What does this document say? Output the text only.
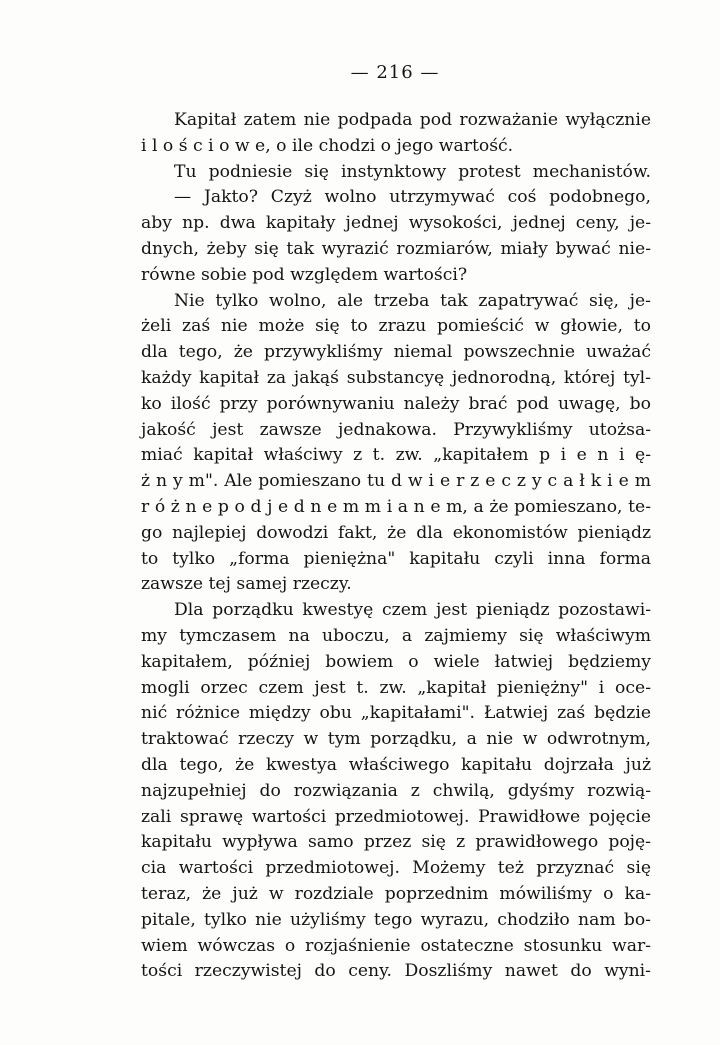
— 216 —
Kapitał zatem nie podpada pod rozważanie wyłącznie
i l o ś c i o w e, o ile chodzi o jego wartość.
Tu podniesie się instynktowy protest mechanistów.
— Jakto? Czyż wolno utrzymywać coś podobnego,
aby np. dwa kapitały jednej wysokości, jednej ceny, je-
dnych, żeby się tak wyrazić rozmiarów, miały bywać nie-
równe sobie pod względem wartości?
Nie tylko wolno, ale trzeba tak zapatrywać się, je-
żeli zaś nie może się to zrazu pomieścić w głowie, to
dla tego, że przywykliśmy niemal powszechnie uważać
każdy kapitał za jakąś substancyę jednorodną, której tyl-
ko ilość przy porównywaniu należy brać pod uwagę, bo
jakość jest zawsze jednakowa. Przywykliśmy utożsa-
miać kapitał właściwy z t. zw. „kapitałem p i e n i ę-
ż n y m". Ale pomieszano tu d w i e r z e c z y c a ł k i e m
r ó ż n e p o d j e d n e m m i a n e m, a że pomieszano, te-
go najlepiej dowodzi fakt, że dla ekonomistów pieniądz
to tylko „forma pieniężna" kapitału czyli inna forma
zawsze tej samej rzeczy.
Dla porządku kwestyę czem jest pieniądz pozostawi-
my tymczasem na uboczu, a zajmiemy się właściwym
kapitałem, później bowiem o wiele łatwiej będziemy
mogli orzec czem jest t. zw. „kapitał pieniężny" i oce-
nić różnice między obu „kapitałami". Łatwiej zaś będzie
traktować rzeczy w tym porządku, a nie w odwrotnym,
dla tego, że kwestya właściwego kapitału dojrzała już
najzupełniej do rozwiązania z chwilą, gdyśmy rozwią-
zali sprawę wartości przedmiotowej. Prawidłowe pojęcie
kapitału wypływa samo przez się z prawidłowego poję-
cia wartości przedmiotowej. Możemy też przyznać się
teraz, że już w rozdziale poprzednim mówiliśmy o ka-
pitale, tylko nie użyliśmy tego wyrazu, chodziło nam bo-
wiem wówczas o rozjaśnienie ostateczne stosunku war-
tości rzeczywistej do ceny. Doszliśmy nawet do wyni-
